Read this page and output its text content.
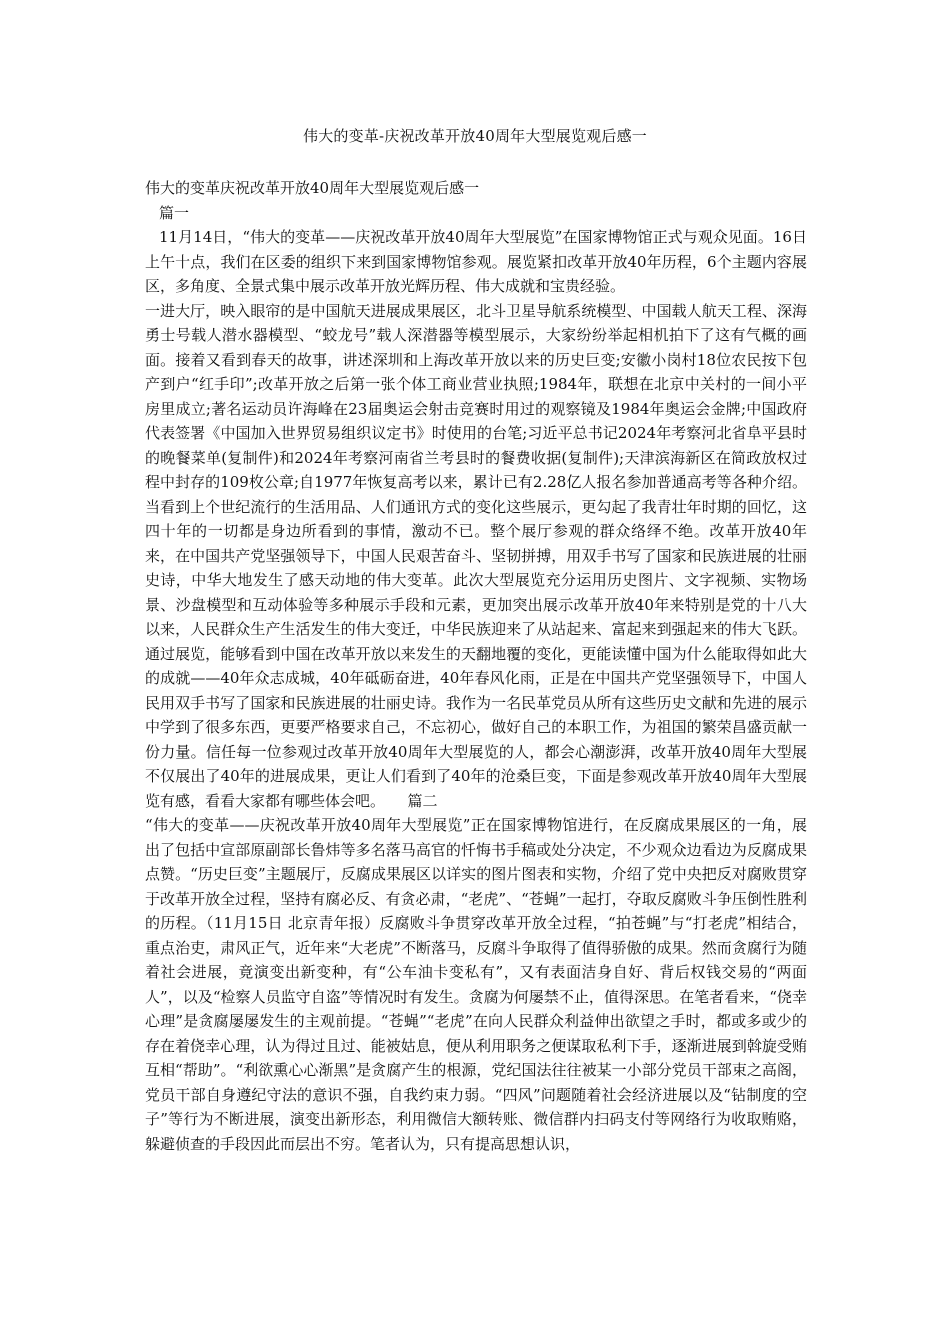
伟大的变革-庆祝改革开放40周年大型展览观后感一

伟大的变革庆祝改革开放40周年大型展览观后感一

篇一

11月14日，“伟大的变革——庆祝改革开放40周年大型展览”在国家博物馆正式与观众见面。16日上午十点，我们在区委的组织下来到国家博物馆参观。展览紧扣改革开放40年历程，6个主题内容展区，多角度、全景式集中展示改革开放光辉历程、伟大成就和宝贵经验。

一进大厅，映入眼帘的是中国航天进展成果展区，北斗卫星导航系统模型、中国载人航天工程、深海勇士号载人潜水器模型、“蛟龙号”载人深潜器等模型展示，大家纷纷举起相机拍下了这有气概的画面。接着又看到春天的故事，讲述深圳和上海改革开放以来的历史巨变;安徽小岗村18位农民按下包产到户“红手印”;改革开放之后第一张个体工商业营业执照;1984年，联想在北京中关村的一间小平房里成立;著名运动员许海峰在23届奥运会射击竞赛时用过的观察镜及1984年奥运会金牌;中国政府代表签署《中国加入世界贸易组织议定书》时使用的台笔;习近平总书记2024年考察河北省阜平县时的晚餐菜单(复制件)和2024年考察河南省兰考县时的餐费收据(复制件);天津滨海新区在简政放权过程中封存的109枚公章;自1977年恢复高考以来，累计已有2.28亿人报名参加普通高考等各种介绍。当看到上个世纪流行的生活用品、人们通讯方式的变化这些展示，更勾起了我青壮年时期的回忆，这四十年的一切都是身边所看到的事情，激动不已。整个展厅参观的群众络绎不绝。改革开放40年来，在中国共产党坚强领导下，中国人民艰苦奋斗、坚韧拼搏，用双手书写了国家和民族进展的壮丽史诗，中华大地发生了感天动地的伟大变革。此次大型展览充分运用历史图片、文字视频、实物场景、沙盘模型和互动体验等多种展示手段和元素，更加突出展示改革开放40年来特别是党的十八大以来，人民群众生产生活发生的伟大变迁，中华民族迎来了从站起来、富起来到强起来的伟大飞跃。通过展览，能够看到中国在改革开放以来发生的天翻地覆的变化，更能读懂中国为什么能取得如此大的成就——40年众志成城，40年砥砺奋进，40年春风化雨，正是在中国共产党坚强领导下，中国人民用双手书写了国家和民族进展的壮丽史诗。我作为一名民革党员从所有这些历史文献和先进的展示中学到了很多东西，更要严格要求自己，不忘初心，做好自己的本职工作，为祖国的繁荣昌盛贡献一份力量。信任每一位参观过改革开放40周年大型展览的人，都会心潮澎湃，改革开放40周年大型展不仅展出了40年的进展成果，更让人们看到了40年的沧桑巨变，下面是参观改革开放40周年大型展览有感，看看大家都有哪些体会吧。　　 篇二

“伟大的变革——庆祝改革开放40周年大型展览”正在国家博物馆进行，在反腐成果展区的一角，展出了包括中宣部原副部长鲁炜等多名落马高官的忏悔书手稿或处分决定，不少观众边看边为反腐成果点赞。“历史巨变”主题展厅，反腐成果展区以详实的图片图表和实物，介绍了党中央把反对腐败贯穿于改革开放全过程，坚持有腐必反、有贪必肃，“老虎”、“苍蝇”一起打，夺取反腐败斗争压倒性胜利的历程。（11月15日 北京青年报）反腐败斗争贯穿改革开放全过程，“拍苍蝇”与“打老虎”相结合，重点治吏，肃风正气，近年来“大老虎”不断落马，反腐斗争取得了值得骄傲的成果。然而贪腐行为随着社会进展，竟演变出新变种，有“公车油卡变私有”，又有表面洁身自好、背后权钱交易的“两面人”，以及“检察人员监守自盗”等情况时有发生。贪腐为何屡禁不止，值得深思。在笔者看来，“侥幸心理”是贪腐屡屡发生的主观前提。“苍蝇”“老虎”在向人民群众利益伸出欲望之手时，都或多或少的存在着侥幸心理，认为得过且过、能被姑息，便从利用职务之便谋取私利下手，逐渐进展到斡旋受贿互相“帮助”。“利欲熏心心渐黑”是贪腐产生的根源，党纪国法往往被某一小部分党员干部束之高阁，党员干部自身遵纪守法的意识不强，自我约束力弱。“四风”问题随着社会经济进展以及“钻制度的空子”等行为不断进展，演变出新形态，利用微信大额转账、微信群内扫码支付等网络行为收取贿赂，躲避侦查的手段因此而层出不穷。笔者认为，只有提高思想认识，
